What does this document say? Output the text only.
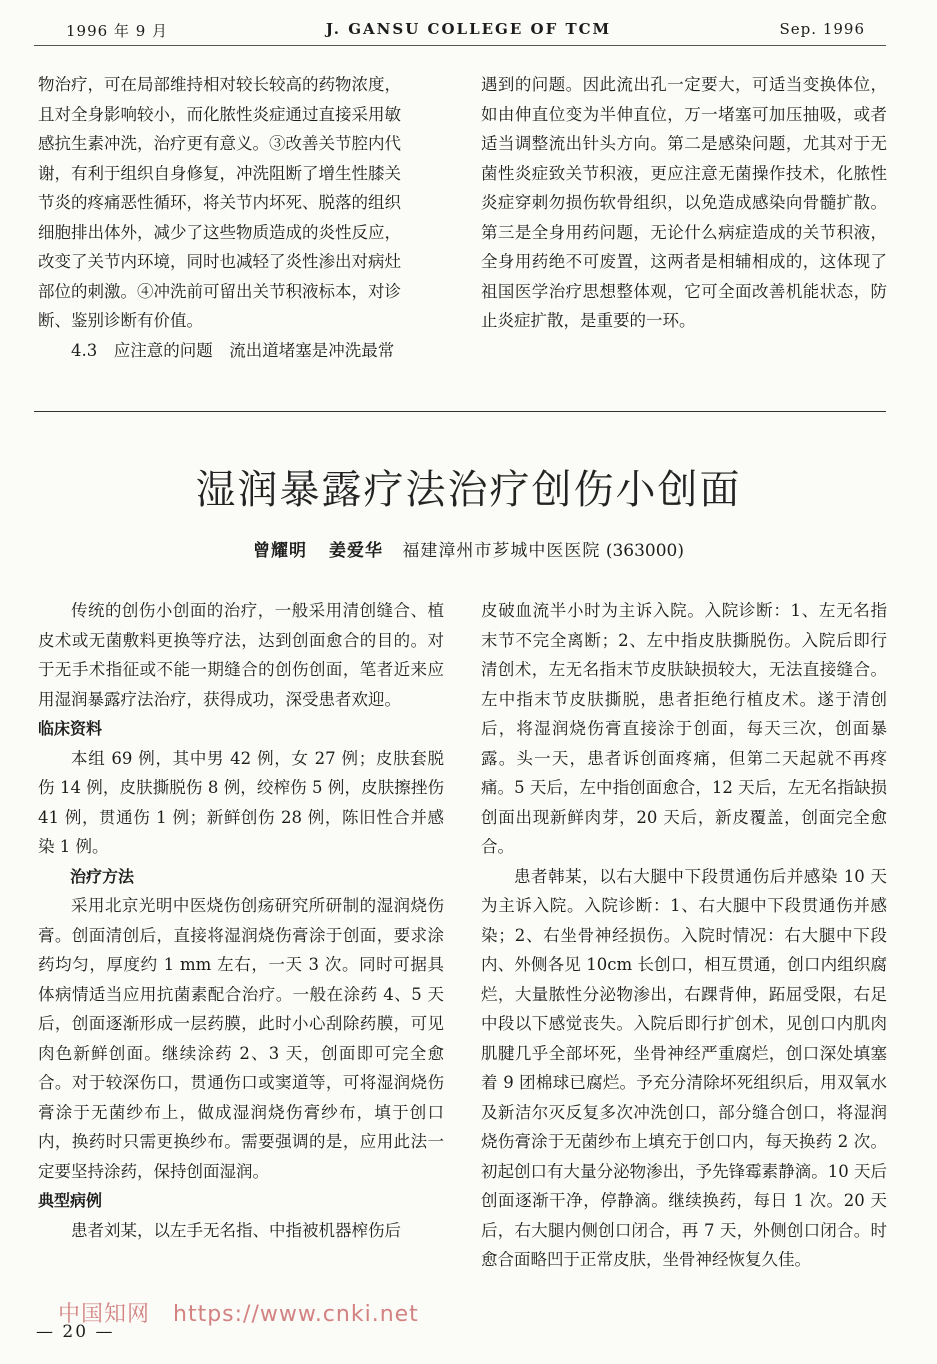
1996 年 9 月	J. GANSU COLLEGE OF TCM	Sep. 1996

物治疗，可在局部维持相对较长较高的药物浓度，

且对全身影响较小，而化脓性炎症通过直接采用敏

感抗生素冲洗，治疗更有意义。③改善关节腔内代

谢，有利于组织自身修复，冲洗阻断了增生性膝关

节炎的疼痛恶性循环，将关节内坏死、脱落的组织

细胞排出体外，减少了这些物质造成的炎性反应，

改变了关节内环境，同时也减轻了炎性渗出对病灶

部位的刺激。④冲洗前可留出关节积液标本，对诊

断、鉴别诊断有价值。

4.3　应注意的问题　流出道堵塞是冲洗最常

遇到的问题。因此流出孔一定要大，可适当变换体位，如由伸直位变为半伸直位，万一堵塞可加压抽吸，或者适当调整流出针头方向。第二是感染问题，尤其对于无菌性炎症致关节积液，更应注意无菌操作技术，化脓性炎症穿刺勿损伤软骨组织，以免造成感染向骨髓扩散。第三是全身用药问题，无论什么病症造成的关节积液，全身用药绝不可废置，这两者是相辅相成的，这体现了祖国医学治疗思想整体观，它可全面改善机能状态，防止炎症扩散，是重要的一环。

湿润暴露疗法治疗创伤小创面
曾耀明 姜爱华 福建漳州市芗城中医医院 (363000)

传统的创伤小创面的治疗，一般采用清创缝合、植皮术或无菌敷料更换等疗法，达到创面愈合的目的。对于无手术指征或不能一期缝合的创伤创面，笔者近来应用湿润暴露疗法治疗，获得成功，深受患者欢迎。

临床资料

本组 69 例，其中男 42 例，女 27 例；皮肤套脱伤 14 例，皮肤撕脱伤 8 例，绞榨伤 5 例，皮肤擦挫伤 41 例，贯通伤 1 例；新鲜创伤 28 例，陈旧性合并感染 1 例。

治疗方法

采用北京光明中医烧伤创疡研究所研制的湿润烧伤膏。创面清创后，直接将湿润烧伤膏涂于创面，要求涂药均匀，厚度约 1 mm 左右，一天 3 次。同时可据具体病情适当应用抗菌素配合治疗。一般在涂药 4、5 天后，创面逐渐形成一层药膜，此时小心刮除药膜，可见肉色新鲜创面。继续涂药 2、3 天，创面即可完全愈合。对于较深伤口，贯通伤口或窦道等，可将湿润烧伤膏涂于无菌纱布上，做成湿润烧伤膏纱布，填于创口内，换药时只需更换纱布。需要强调的是，应用此法一定要坚持涂药，保持创面湿润。

典型病例

患者刘某，以左手无名指、中指被机器榨伤后

皮破血流半小时为主诉入院。入院诊断：1、左无名指末节不完全离断；2、左中指皮肤撕脱伤。入院后即行清创术，左无名指末节皮肤缺损较大，无法直接缝合。左中指末节皮肤撕脱，患者拒绝行植皮术。遂于清创后，将湿润烧伤膏直接涂于创面，每天三次，创面暴露。头一天，患者诉创面疼痛，但第二天起就不再疼痛。5 天后，左中指创面愈合，12 天后，左无名指缺损创面出现新鲜肉芽，20 天后，新皮覆盖，创面完全愈合。

患者韩某，以右大腿中下段贯通伤后并感染 10 天为主诉入院。入院诊断：1、右大腿中下段贯通伤并感染；2、右坐骨神经损伤。入院时情况：右大腿中下段内、外侧各见 10cm 长创口，相互贯通，创口内组织腐烂，大量脓性分泌物渗出，右踝背伸，跖屈受限，右足中段以下感觉丧失。入院后即行扩创术，见创口内肌肉肌腱几乎全部坏死，坐骨神经严重腐烂，创口深处填塞着 9 团棉球已腐烂。予充分清除坏死组织后，用双氧水及新洁尔灭反复多次冲洗创口，部分缝合创口，将湿润烧伤膏涂于无菌纱布上填充于创口内，每天换药 2 次。初起创口有大量分泌物渗出，予先锋霉素静滴。10 天后创面逐渐干净，停静滴。继续换药，每日 1 次。20 天后，右大腿内侧创口闭合，再 7 天，外侧创口闭合。时愈合面略凹于正常皮肤，坐骨神经恢复久佳。

中国知网　https://www.cnki.net
— 20 —
